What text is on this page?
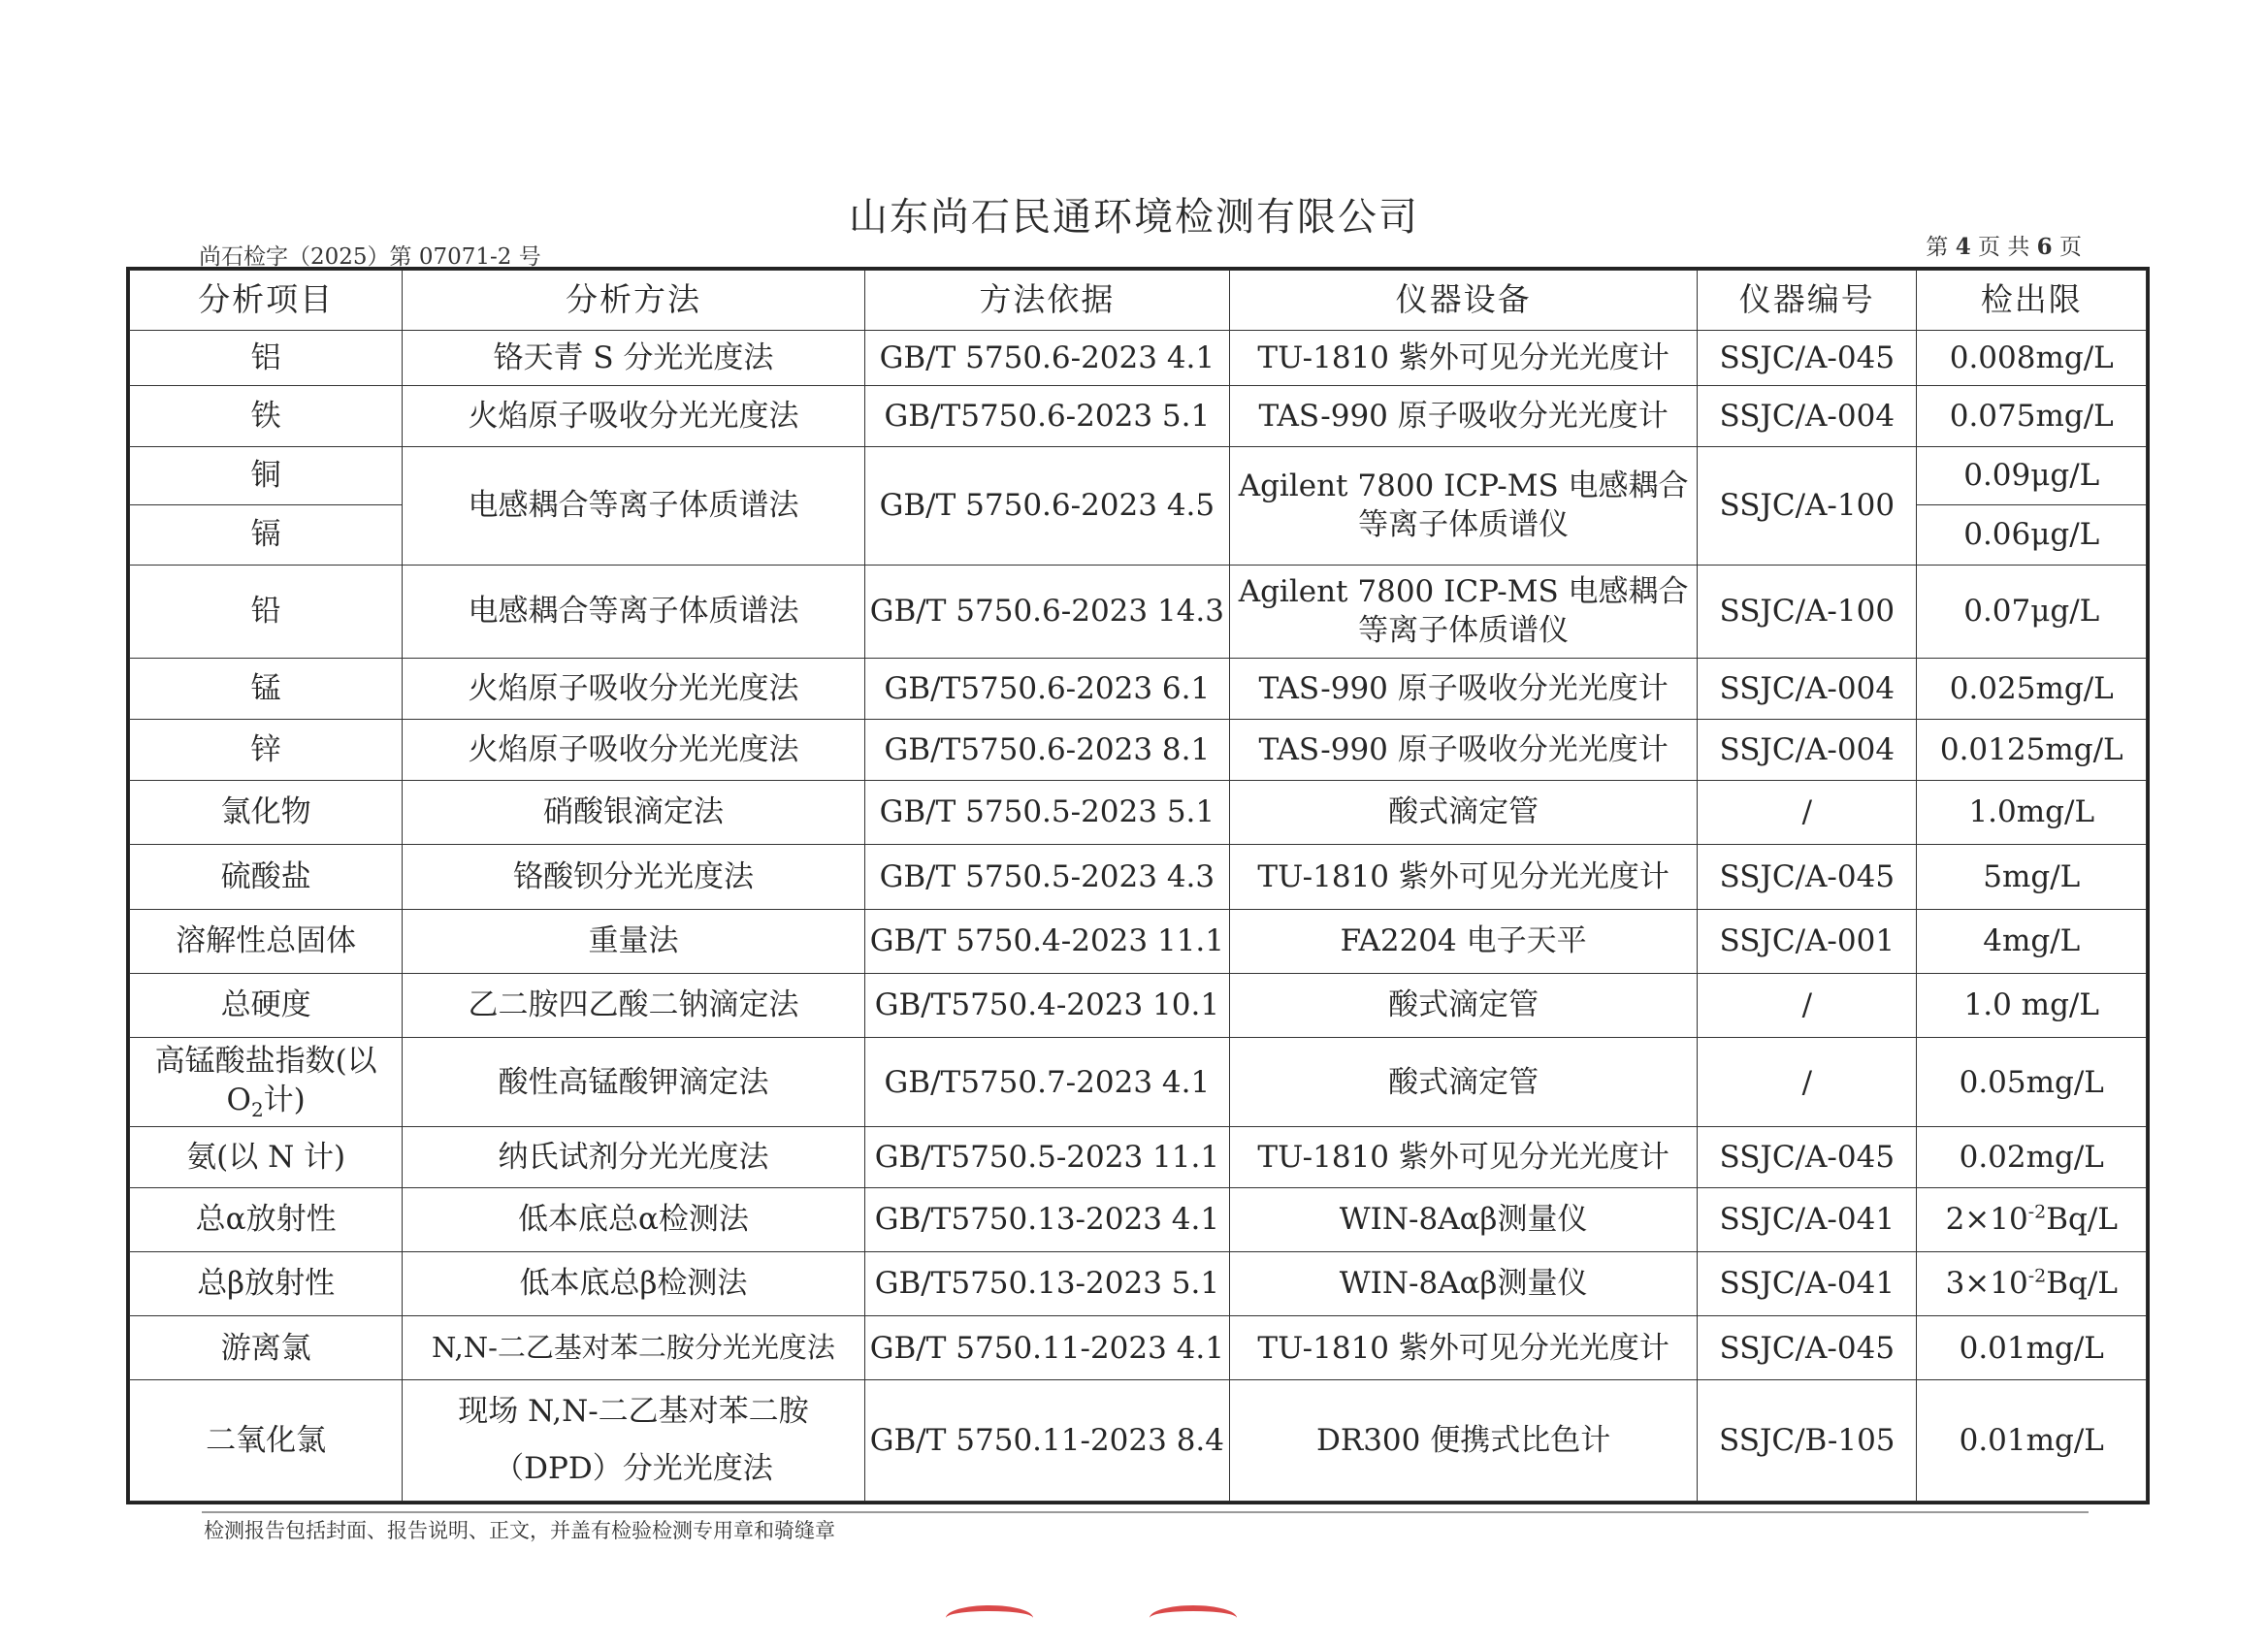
山东尚石民通环境检测有限公司
尚石检字（2025）第 07071-2 号	第 4 页 共 6 页
分析项目	分析方法	方法依据	仪器设备	仪器编号	检出限
铝	铬天青 S 分光光度法	GB/T 5750.6-2023 4.1	TU-1810 紫外可见分光光度计	SSJC/A-045	0.008mg/L
铁	火焰原子吸收分光光度法	GB/T5750.6-2023 5.1	TAS-990 原子吸收分光光度计	SSJC/A-004	0.075mg/L
铜	电感耦合等离子体质谱法	GB/T 5750.6-2023 4.5	Agilent 7800 ICP-MS 电感耦合等离子体质谱仪	SSJC/A-100	0.09μg/L
镉					0.06μg/L
铅	电感耦合等离子体质谱法	GB/T 5750.6-2023 14.3	Agilent 7800 ICP-MS 电感耦合等离子体质谱仪	SSJC/A-100	0.07μg/L
锰	火焰原子吸收分光光度法	GB/T5750.6-2023 6.1	TAS-990 原子吸收分光光度计	SSJC/A-004	0.025mg/L
锌	火焰原子吸收分光光度法	GB/T5750.6-2023 8.1	TAS-990 原子吸收分光光度计	SSJC/A-004	0.0125mg/L
氯化物	硝酸银滴定法	GB/T 5750.5-2023 5.1	酸式滴定管	/	1.0mg/L
硫酸盐	铬酸钡分光光度法	GB/T 5750.5-2023 4.3	TU-1810 紫外可见分光光度计	SSJC/A-045	5mg/L
溶解性总固体	重量法	GB/T 5750.4-2023 11.1	FA2204 电子天平	SSJC/A-001	4mg/L
总硬度	乙二胺四乙酸二钠滴定法	GB/T5750.4-2023 10.1	酸式滴定管	/	1.0 mg/L
高锰酸盐指数(以
$O_2$计)	酸性高锰酸钾滴定法	GB/T5750.7-2023 4.1	酸式滴定管	/	0.05mg/L
氨(以 N 计)	纳氏试剂分光光度法	GB/T5750.5-2023 11.1	TU-1810 紫外可见分光光度计	SSJC/A-045	0.02mg/L
总α放射性	低本底总α检测法	GB/T5750.13-2023 4.1	WIN-8Aαβ测量仪	SSJC/A-041	$2\times 10^{-2}Bq/L$
总β放射性	低本底总β检测法	GB/T5750.13-2023 5.1	WIN-8Aαβ测量仪	SSJC/A-041	$3\times 10^{-2}Bq/L$
游离氯	N,N-二乙基对苯二胺分光光度法	GB/T 5750.11-2023 4.1	TU-1810 紫外可见分光光度计	SSJC/A-045	0.01mg/L
二氧化氯	现场 N,N-二乙基对苯二胺
（DPD）分光光度法	GB/T 5750.11-2023 8.4	DR300 便携式比色计	SSJC/B-105	0.01mg/L
检测报告包括封面、报告说明、正文，并盖有检验检测专用章和骑缝章
